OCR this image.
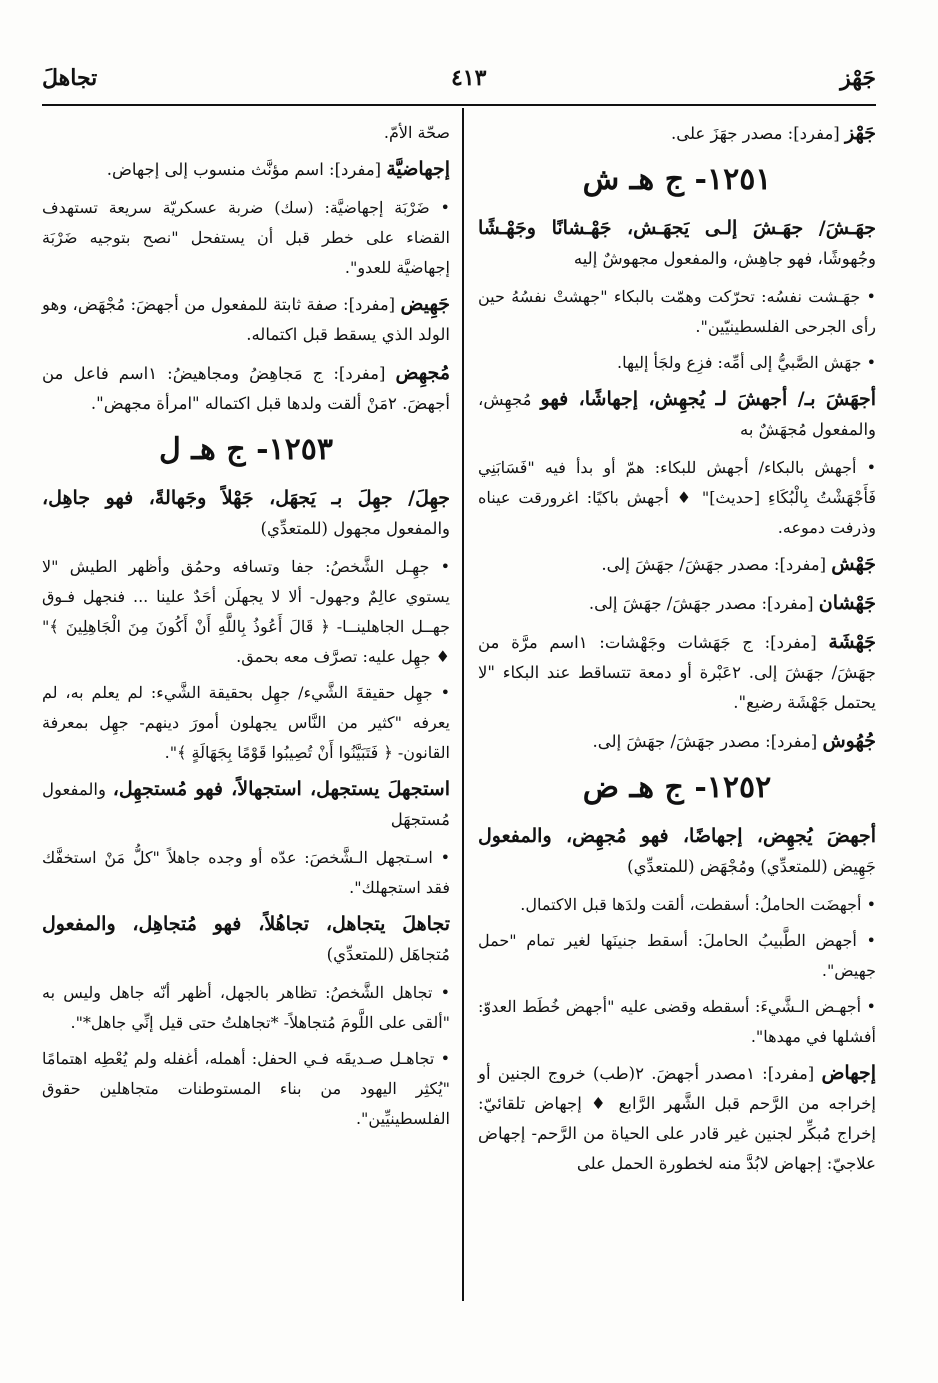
تجاهلَ	٤١٣	جَهْز
جَهْز [مفرد]: مصدر جهَزَ على.
١٢٥١- ج هـ ش
جهَـشَ/ جهَـشَ إلـى يَجهَـش، جَهْـشانًا وجَهْـشًا وجُهوشًا، فهو جاهِش، والمفعول مجهوشٌ إليه
• جهَـشت نفسُه: تحرّكت وهمّت بالبكاء "جهشتْ نفسُهُ حين رأى الجرحى الفلسطينيّين".
• جهَش الصَّبيُّ إلى أمِّه: فزِع ولجَأ إليها.
أجهَشَ بـ/ أجهشَ لـ يُجهِش، إجهاشًا، فهو مُجهِش، والمفعول مُجهَشٌ به
• أجهش بالبكاء/ أجهش للبكاء: همّ أو بدأ فيه "فَسَابَنِي فَأَجْهَشْتُ بِالْبُكَاءِ [حديث]" ♦ أجهش باكيًا: اغرورقت عيناه وذرفت دموعه.
جَهْش [مفرد]: مصدر جهَشَ/ جهَشَ إلى.
جَهْشان [مفرد]: مصدر جهَشَ/ جهَشَ إلى.
جَهْشَة [مفرد]: ج جَهَشات وجَهْشات: ١اسم مرَّة من جهَشَ/ جهَشَ إلى. ٢عَبْرة أو دمعة تتساقط عند البكاء "لا يحتمل جَهْشَة رضيع".
جُهُوش [مفرد]: مصدر جهَشَ/ جهَشَ إلى.
١٢٥٢- ج هـ ض
أجهضَ يُجهِض، إجهاضًا، فهو مُجهِض، والمفعول جَهِيض (للمتعدِّي) ومُجْهَض (للمتعدِّي)
• أجهضَت الحاملُ: أسقطت، ألقت ولدَها قبل الاكتمال.
• أجهض الطَّبيبُ الحاملَ: أسقط جنينَها لغير تمام "حمل جهيض".
• أجهـض الـشَّيءَ: أسقطه وقضى عليه "أجهض خُطَط العدوّ: أفشلها في مهدها".
إجهاض [مفرد]: ١مصدر أجهضَ. ٢(طب) خروج الجنين أو إخراجه من الرَّحم قبل الشَّهر الرَّابع ♦ إجهاض تلقائيّ: إخراج مُبكِّر لجنين غير قادر على الحياة من الرَّحم- إجهاض علاجيّ: إجهاض لابُدَّ منه لخطورة الحمل على
صحّة الأمّ.
إجهاضيَّة [مفرد]: اسم مؤنَّث منسوب إلى إجهاض.
• ضَرْبَة إجهاضيَّة: (سك) ضربة عسكريّة سريعة تستهدف القضاء على خطر قبل أن يستفحل "نصح بتوجيه ضَرْبَة إجهاضيَّة للعدو".
جَهِيض [مفرد]: صفة ثابتة للمفعول من أجهضَ: مُجْهَض، وهو الولد الذي يسقط قبل اكتماله.
مُجهِض [مفرد]: ج مَجاهِضُ ومجاهيضُ: ١اسم فاعل من أجهضَ. ٢مَنْ ألقت ولدها قبل اكتماله "امرأة مجهض".
١٢٥٣- ج هـ ل
جهِلَ/ جهِلَ بـ يَجهَل، جَهْلاً وجَهالةً، فهو جاهِل، والمفعول مجهول (للمتعدِّي)
• جهِـل الشَّخصُ: جفا وتسافه وحمُق وأظهر الطيش "لا يستوي عالِمٌ وجهول- ألا لا يجهلَن أحَدٌ علينا ... فنجهل فـوق جهــل الجاهلينــا- ﴿ قَالَ أَعُوذُ بِاللَّهِ أَنْ أَكُونَ مِنَ الْجَاهِلِينَ ﴾" ♦ جهِل عليه: تصرَّف معه بحمق.
• جهِل حقيقةَ الشَّيء/ جهِل بحقيقة الشَّيء: لم يعلم به، لم يعرفه "كثير من النَّاس يجهلون أمورَ دينهم- جهِل بمعرفة القانون- ﴿ فَتَبَيَّنُوا أَنْ تُصِيبُوا قَوْمًا بِجَهَالَةٍ ﴾".
استجهلَ يستجهل، استجهالاً، فهو مُستجهِل، والمفعول مُستجهَل
• اسـتجهل الـشَّخصَ: عدّه أو وجده جاهلاً "كلُّ مَنْ استخفَّك فقد استجهلك".
تجاهلَ يتجاهل، تجاهُلاً، فهو مُتجاهِل، والمفعول مُتجاهَل (للمتعدِّي)
• تجاهل الشَّخصُ: تظاهر بالجهل، أظهر أنّه جاهل وليس به "ألقى على اللَّومَ مُتجاهلاً- *تجاهلتُ حتى قيل إنِّي جاهل*".
• تجاهـل صـديقَه فـي الحفل: أهمله، أغفله ولم يُعْطِه اهتمامًا "يُكثِر اليهود من بناء المستوطنات متجاهلين حقوق الفلسطينيِّين".
